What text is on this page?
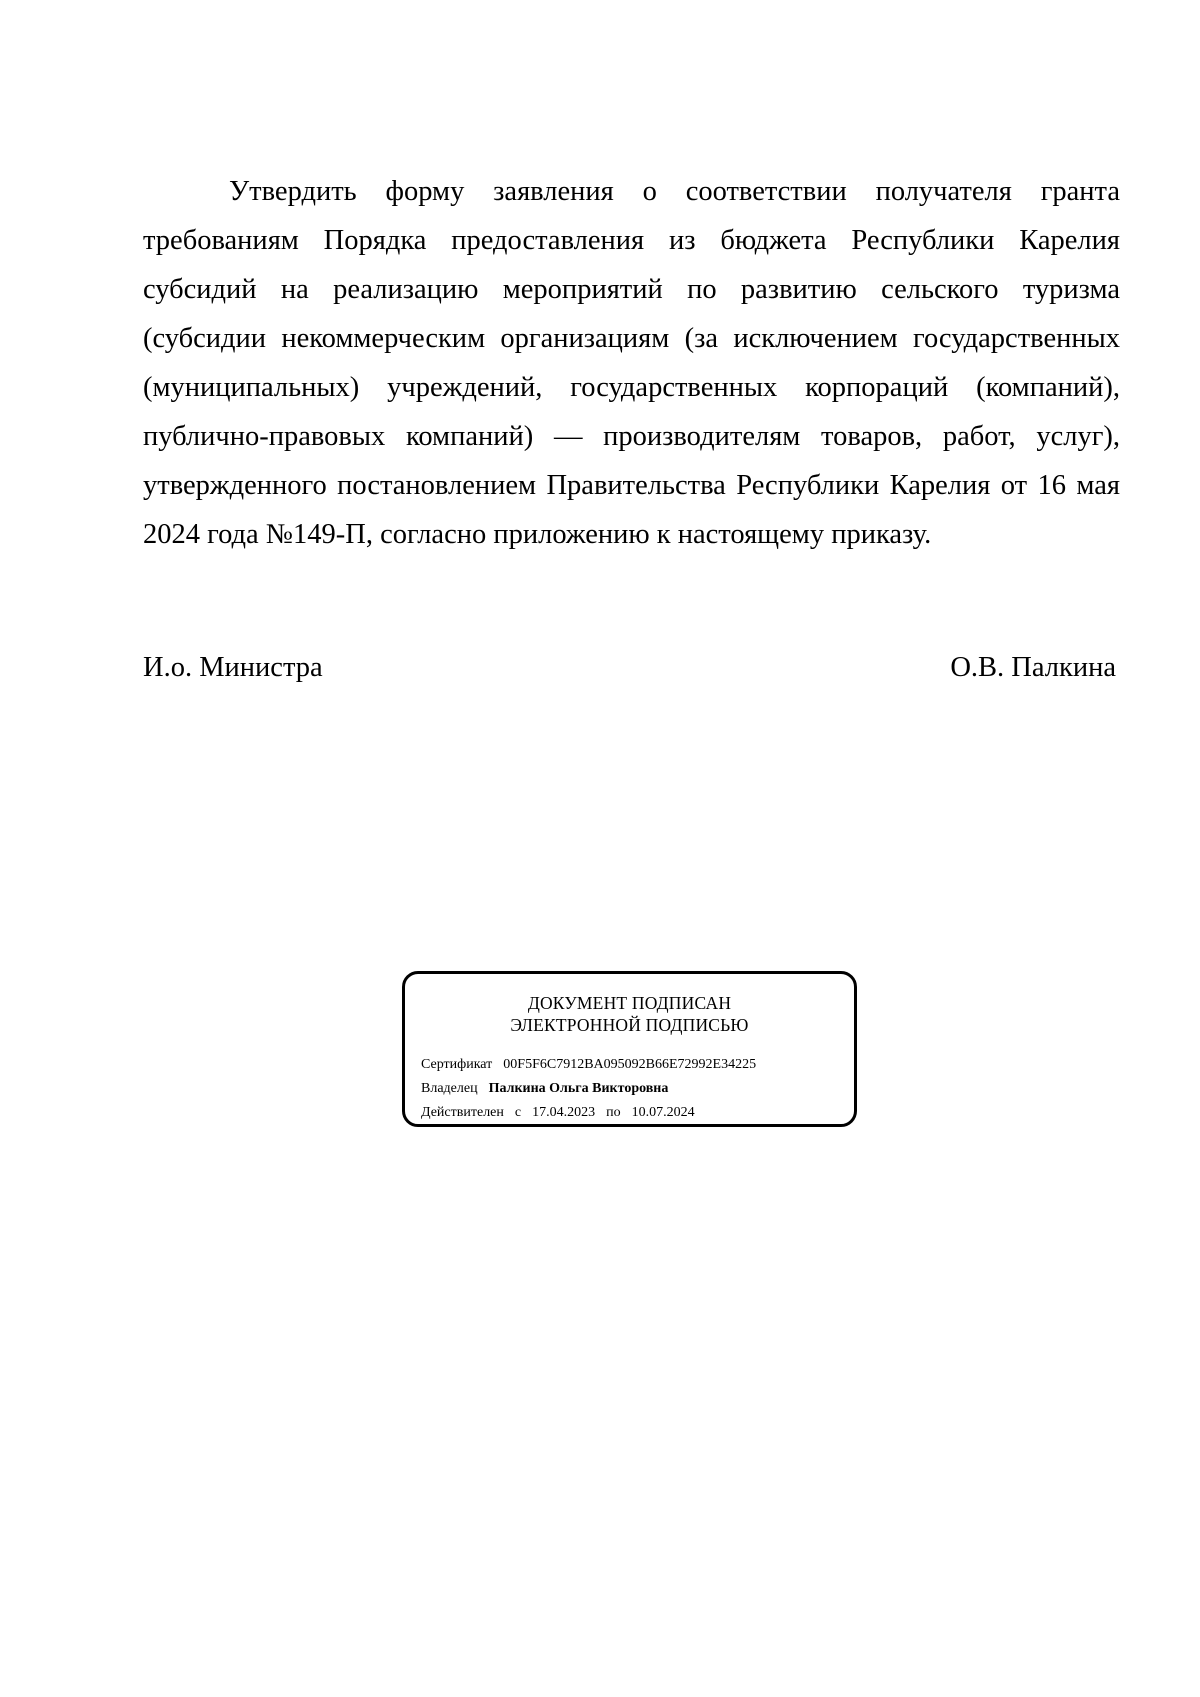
Утвердить форму заявления о соответствии получателя гранта требованиям Порядка предоставления из бюджета Республики Карелия субсидий на реализацию мероприятий по развитию сельского туризма (субсидии некоммерческим организациям (за исключением государственных (муниципальных) учреждений, государственных корпораций (компаний), публично-правовых компаний) — производителям товаров, работ, услуг), утвержденного постановлением Правительства Республики Карелия от 16 мая 2024 года №149-П, согласно приложению к настоящему приказу.

И.о. Министра	О.В. Палкина
ДОКУМЕНТ ПОДПИСАН
ЭЛЕКТРОННОЙ ПОДПИСЬЮ
Сертификат 00F5F6C7912BA095092B66E72992E34225
Владелец Палкина Ольга Викторовна
Действителен с 17.04.2023 по 10.07.2024
